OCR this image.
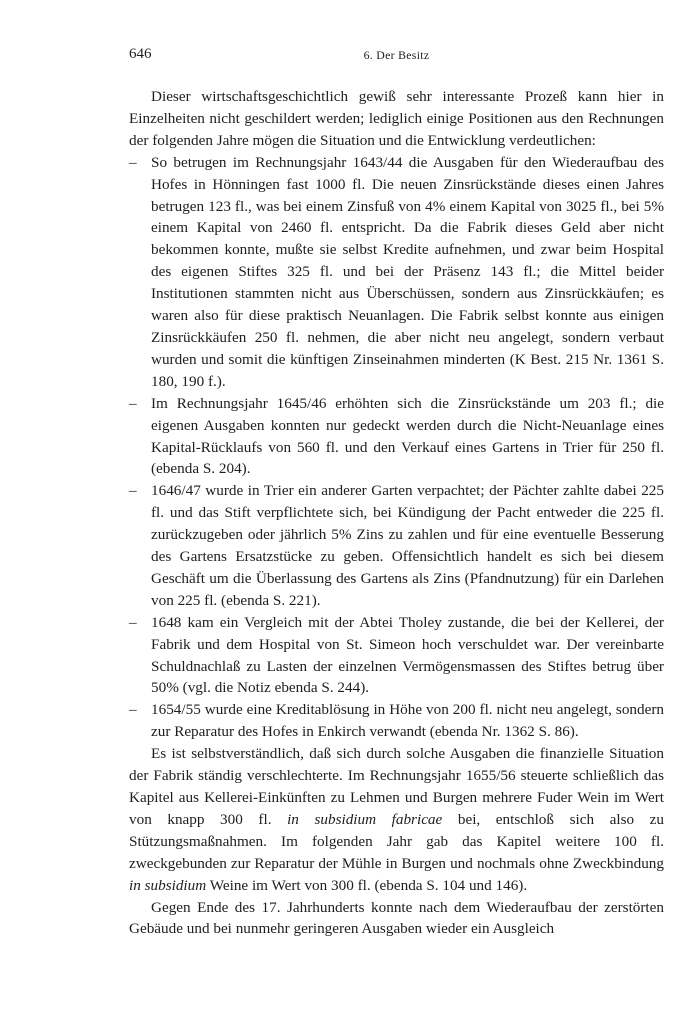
646	6. Der Besitz

Dieser wirtschaftsgeschichtlich gewiß sehr interessante Prozeß kann hier in Einzelheiten nicht geschildert werden; lediglich einige Positionen aus den Rechnungen der folgenden Jahre mögen die Situation und die Entwicklung verdeutlichen:

– So betrugen im Rechnungsjahr 1643/44 die Ausgaben für den Wiederaufbau des Hofes in Hönningen fast 1000 fl. Die neuen Zinsrückstände dieses einen Jahres betrugen 123 fl., was bei einem Zinsfuß von 4% einem Kapital von 3025 fl., bei 5% einem Kapital von 2460 fl. entspricht. Da die Fabrik dieses Geld aber nicht bekommen konnte, mußte sie selbst Kredite aufnehmen, und zwar beim Hospital des eigenen Stiftes 325 fl. und bei der Präsenz 143 fl.; die Mittel beider Institutionen stammten nicht aus Überschüssen, sondern aus Zinsrückkäufen; es waren also für diese praktisch Neuanlagen. Die Fabrik selbst konnte aus einigen Zinsrückkäufen 250 fl. nehmen, die aber nicht neu angelegt, sondern verbaut wurden und somit die künftigen Zinseinahmen minderten (K Best. 215 Nr. 1361 S. 180, 190 f.).
– Im Rechnungsjahr 1645/46 erhöhten sich die Zinsrückstände um 203 fl.; die eigenen Ausgaben konnten nur gedeckt werden durch die Nicht-Neuanlage eines Kapital-Rücklaufs von 560 fl. und den Verkauf eines Gartens in Trier für 250 fl. (ebenda S. 204).
– 1646/47 wurde in Trier ein anderer Garten verpachtet; der Pächter zahlte dabei 225 fl. und das Stift verpflichtete sich, bei Kündigung der Pacht entweder die 225 fl. zurückzugeben oder jährlich 5% Zins zu zahlen und für eine eventuelle Besserung des Gartens Ersatzstücke zu geben. Offensichtlich handelt es sich bei diesem Geschäft um die Überlassung des Gartens als Zins (Pfandnutzung) für ein Darlehen von 225 fl. (ebenda S. 221).
– 1648 kam ein Vergleich mit der Abtei Tholey zustande, die bei der Kellerei, der Fabrik und dem Hospital von St. Simeon hoch verschuldet war. Der vereinbarte Schuldnachlaß zu Lasten der einzelnen Vermögensmassen des Stiftes betrug über 50% (vgl. die Notiz ebenda S. 244).
– 1654/55 wurde eine Kreditablösung in Höhe von 200 fl. nicht neu angelegt, sondern zur Reparatur des Hofes in Enkirch verwandt (ebenda Nr. 1362 S. 86).

Es ist selbstverständlich, daß sich durch solche Ausgaben die finanzielle Situation der Fabrik ständig verschlechterte. Im Rechnungsjahr 1655/56 steuerte schließlich das Kapitel aus Kellerei-Einkünften zu Lehmen und Burgen mehrere Fuder Wein im Wert von knapp 300 fl. in subsidium fabricae bei, entschloß sich also zu Stützungsmaßnahmen. Im folgenden Jahr gab das Kapitel weitere 100 fl. zweckgebunden zur Reparatur der Mühle in Burgen und nochmals ohne Zweckbindung in subsidium Weine im Wert von 300 fl. (ebenda S. 104 und 146).

Gegen Ende des 17. Jahrhunderts konnte nach dem Wiederaufbau der zerstörten Gebäude und bei nunmehr geringeren Ausgaben wieder ein Ausgleich
